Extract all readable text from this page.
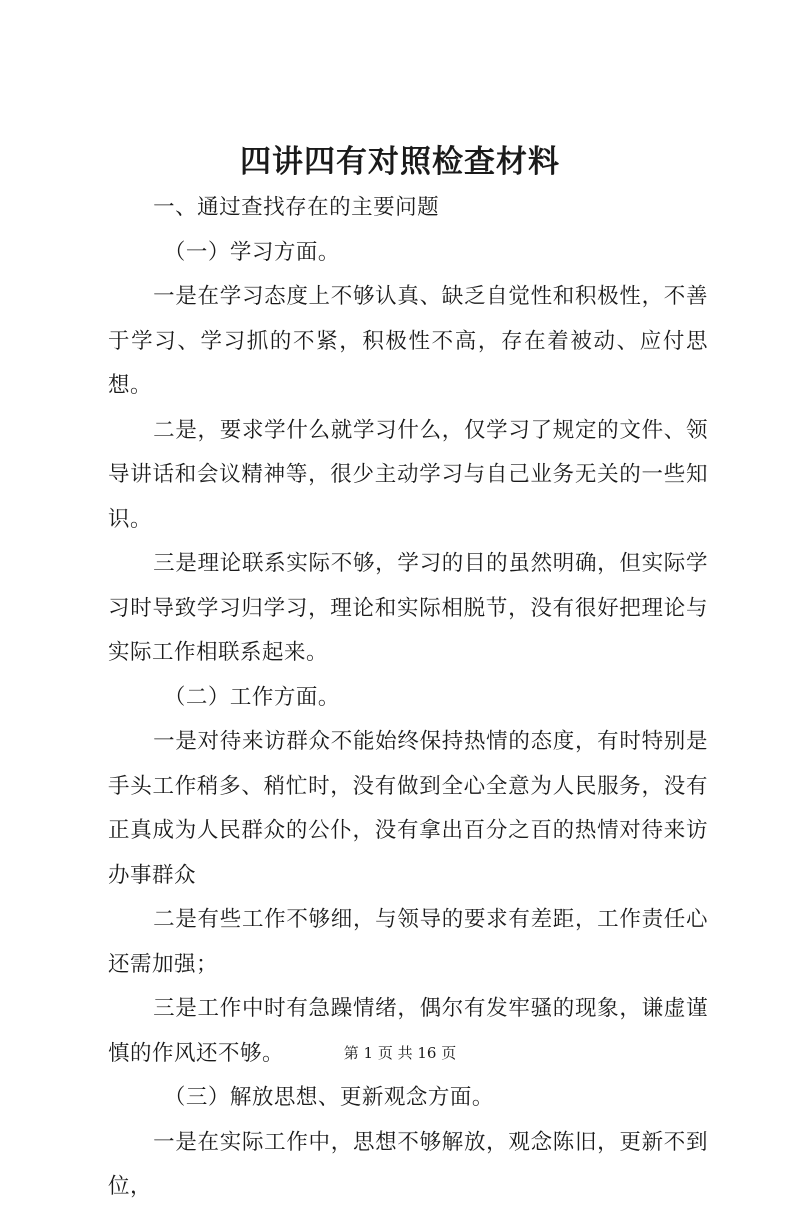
四讲四有对照检查材料

一、通过查找存在的主要问题

（一）学习方面。

一是在学习态度上不够认真、缺乏自觉性和积极性，不善于学习、学习抓的不紧，积极性不高，存在着被动、应付思想。

二是，要求学什么就学习什么，仅学习了规定的文件、领导讲话和会议精神等，很少主动学习与自己业务无关的一些知识。

三是理论联系实际不够，学习的目的虽然明确，但实际学习时导致学习归学习，理论和实际相脱节，没有很好把理论与实际工作相联系起来。

（二）工作方面。

一是对待来访群众不能始终保持热情的态度，有时特别是手头工作稍多、稍忙时，没有做到全心全意为人民服务，没有正真成为人民群众的公仆，没有拿出百分之百的热情对待来访办事群众

二是有些工作不够细，与领导的要求有差距，工作责任心还需加强；

三是工作中时有急躁情绪，偶尔有发牢骚的现象，谦虚谨慎的作风还不够。

（三）解放思想、更新观念方面。

一是在实际工作中，思想不够解放，观念陈旧，更新不到位，

第 1 页 共 16 页
